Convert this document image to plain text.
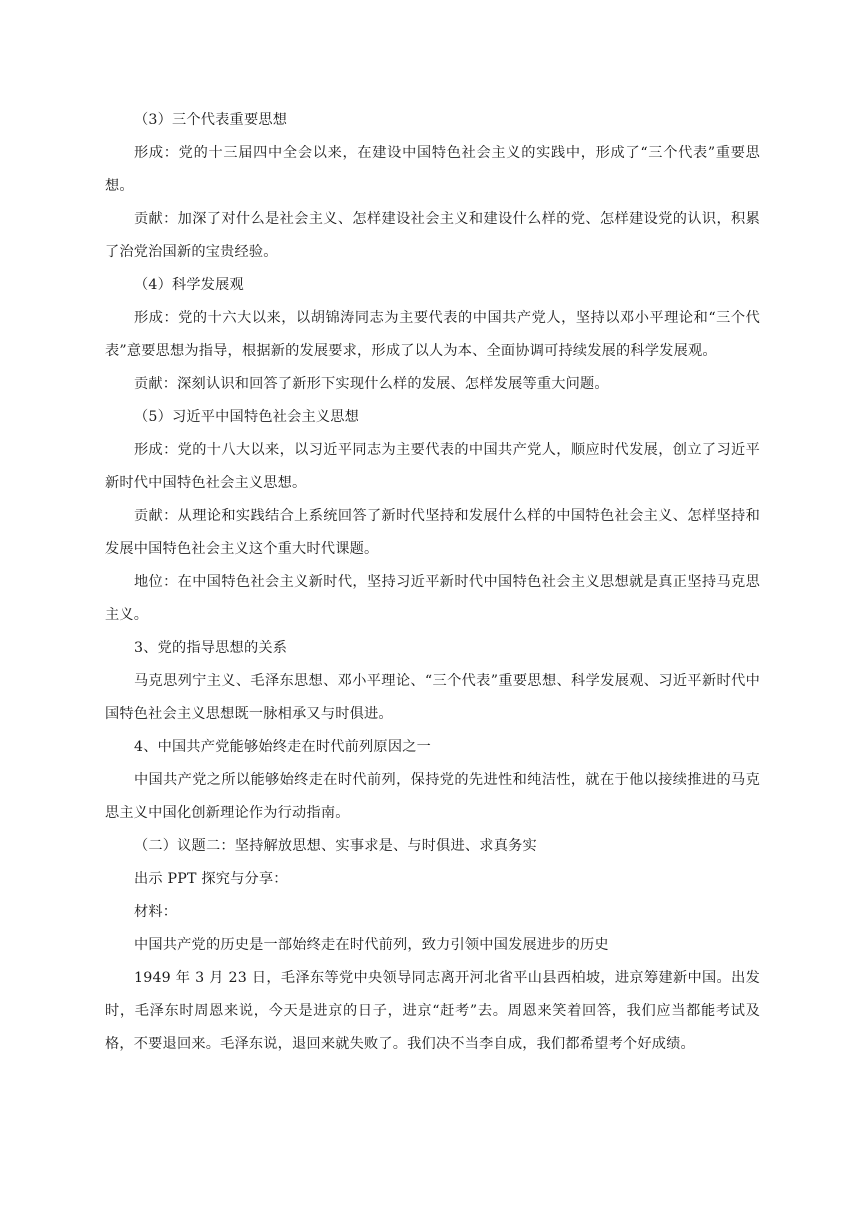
（3）三个代表重要思想

形成：党的十三届四中全会以来，在建设中国特色社会主义的实践中，形成了“三个代表”重要思想。

贡献：加深了对什么是社会主义、怎样建设社会主义和建设什么样的党、怎样建设党的认识，积累了治党治国新的宝贵经验。

（4）科学发展观

形成：党的十六大以来，以胡锦涛同志为主要代表的中国共产党人，坚持以邓小平理论和“三个代表”意要思想为指导，根据新的发展要求，形成了以人为本、全面协调可持续发展的科学发展观。

贡献：深刻认识和回答了新形下实现什么样的发展、怎样发展等重大问题。

（5）习近平中国特色社会主义思想

形成：党的十八大以来，以习近平同志为主要代表的中国共产党人，顺应时代发展，创立了习近平新时代中国特色社会主义思想。

贡献：从理论和实践结合上系统回答了新时代坚持和发展什么样的中国特色社会主义、怎样坚持和发展中国特色社会主义这个重大时代课题。

地位：在中国特色社会主义新时代，坚持习近平新时代中国特色社会主义思想就是真正坚持马克思主义。

3、党的指导思想的关系

马克思列宁主义、毛泽东思想、邓小平理论、“三个代表”重要思想、科学发展观、习近平新时代中国特色社会主义思想既一脉相承又与时俱进。

4、中国共产党能够始终走在时代前列原因之一

中国共产党之所以能够始终走在时代前列，保持党的先进性和纯洁性，就在于他以接续推进的马克思主义中国化创新理论作为行动指南。

（二）议题二：坚持解放思想、实事求是、与时俱进、求真务实

出示 PPT 探究与分享：

材料：

中国共产党的历史是一部始终走在时代前列，致力引领中国发展进步的历史

1949 年 3 月 23 日，毛泽东等党中央领导同志离开河北省平山县西柏坡，进京筹建新中国。出发时，毛泽东时周恩来说，今天是进京的日子，进京“赶考”去。周恩来笑着回答，我们应当都能考试及格，不要退回来。毛泽东说，退回来就失败了。我们决不当李自成，我们都希望考个好成绩。
